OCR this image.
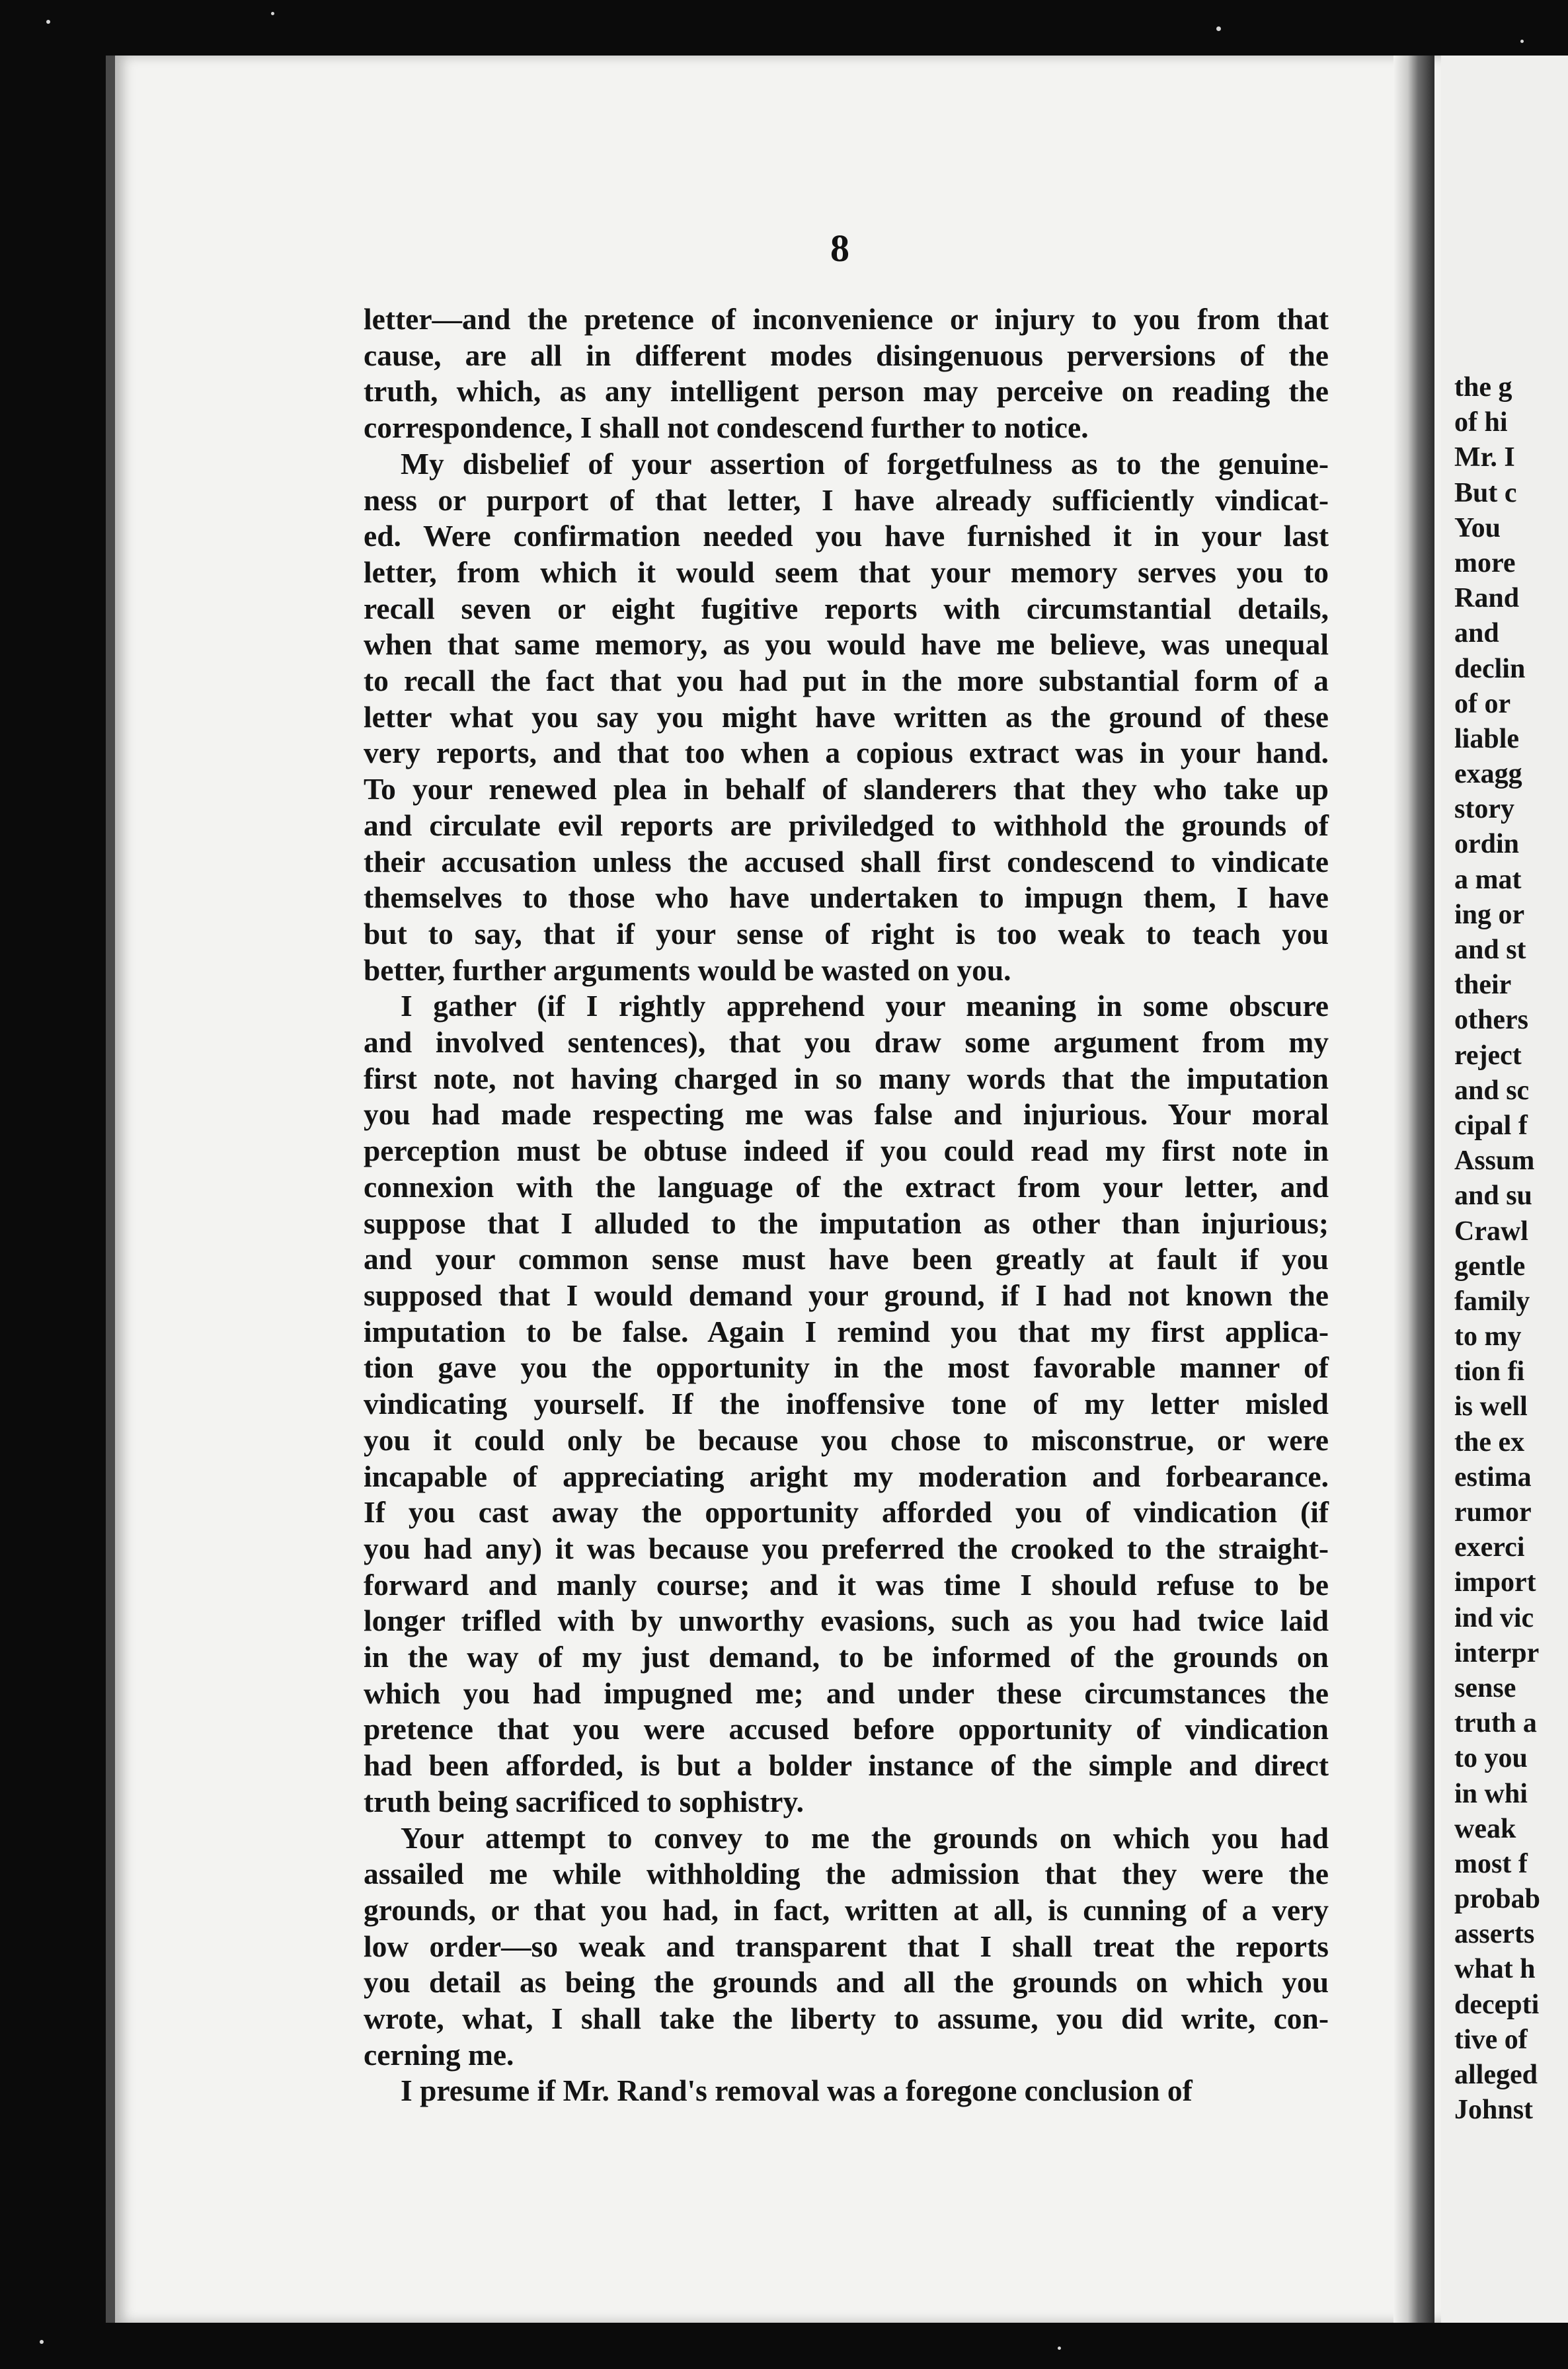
the g
of hi
Mr. I
But c
You
more
Rand
and
declin
of or
liable
exagg
story
ordin
a mat
ing or
and st
their
others
reject
and sc
cipal f
Assum
and su
Crawl
gentle
family
to my
tion fi
is well
the ex
estima
rumor
exerci
import
ind vic
interpr
sense
truth a
to you
in whi
weak
most f
probab
asserts
what h
decepti
tive of
alleged
Johnst
8

letter—and the pretence of inconvenience or injury to you from that

cause, are all in different modes disingenuous perversions of the

truth, which, as any intelligent person may perceive on reading the

correspondence, I shall not condescend further to notice.

My disbelief of your assertion of forgetfulness as to the genuine-

ness or purport of that letter, I have already sufficiently vindicat-

ed. Were confirmation needed you have furnished it in your last

letter, from which it would seem that your memory serves you to

recall seven or eight fugitive reports with circumstantial details,

when that same memory, as you would have me believe, was unequal

to recall the fact that you had put in the more substantial form of a

letter what you say you might have written as the ground of these

very reports, and that too when a copious extract was in your hand.

To your renewed plea in behalf of slanderers that they who take up

and circulate evil reports are priviledged to withhold the grounds of

their accusation unless the accused shall first condescend to vindicate

themselves to those who have undertaken to impugn them, I have

but to say, that if your sense of right is too weak to teach you

better, further arguments would be wasted on you.

I gather (if I rightly apprehend your meaning in some obscure

and involved sentences), that you draw some argument from my

first note, not having charged in so many words that the imputation

you had made respecting me was false and injurious. Your moral

perception must be obtuse indeed if you could read my first note in

connexion with the language of the extract from your letter, and

suppose that I alluded to the imputation as other than injurious;

and your common sense must have been greatly at fault if you

supposed that I would demand your ground, if I had not known the

imputation to be false. Again I remind you that my first applica-

tion gave you the opportunity in the most favorable manner of

vindicating yourself. If the inoffensive tone of my letter misled

you it could only be because you chose to misconstrue, or were

incapable of appreciating aright my moderation and forbearance.

If you cast away the opportunity afforded you of vindication (if

you had any) it was because you preferred the crooked to the straight-

forward and manly course; and it was time I should refuse to be

longer trifled with by unworthy evasions, such as you had twice laid

in the way of my just demand, to be informed of the grounds on

which you had impugned me; and under these circumstances the

pretence that you were accused before opportunity of vindication

had been afforded, is but a bolder instance of the simple and direct

truth being sacrificed to sophistry.

Your attempt to convey to me the grounds on which you had

assailed me while withholding the admission that they were the

grounds, or that you had, in fact, written at all, is cunning of a very

low order—so weak and transparent that I shall treat the reports

you detail as being the grounds and all the grounds on which you

wrote, what, I shall take the liberty to assume, you did write, con-

cerning me.

I presume if Mr. Rand's removal was a foregone conclusion of
